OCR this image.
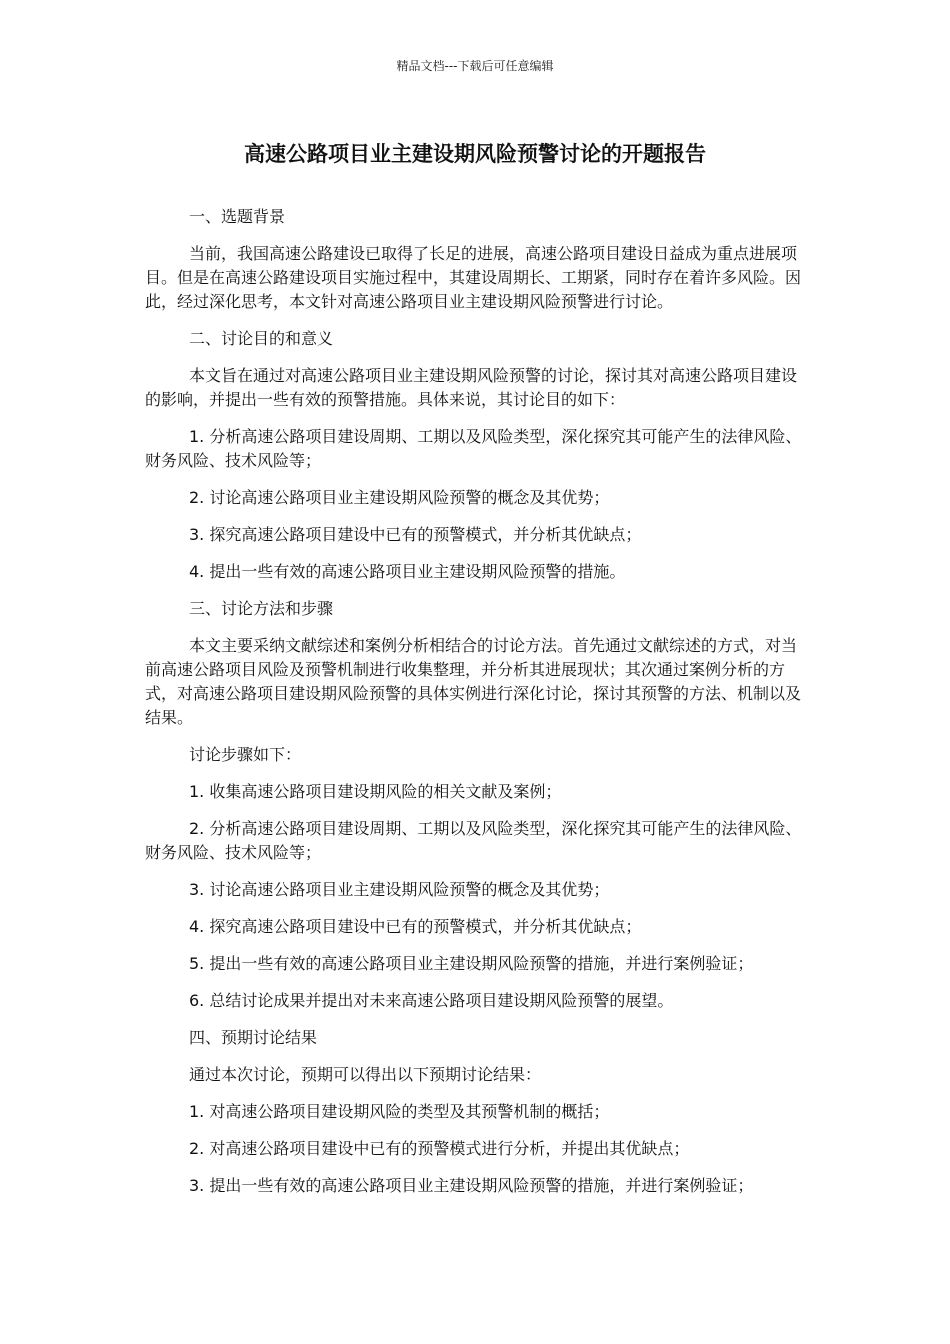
精品文档---下载后可任意编辑
高速公路项目业主建设期风险预警讨论的开题报告

一、选题背景

当前，我国高速公路建设已取得了长足的进展，高速公路项目建设日益成为重点进展项目。但是在高速公路建设项目实施过程中，其建设周期长、工期紧，同时存在着许多风险。因此，经过深化思考，本文针对高速公路项目业主建设期风险预警进行讨论。

二、讨论目的和意义

本文旨在通过对高速公路项目业主建设期风险预警的讨论，探讨其对高速公路项目建设的影响，并提出一些有效的预警措施。具体来说，其讨论目的如下：

1. 分析高速公路项目建设周期、工期以及风险类型，深化探究其可能产生的法律风险、财务风险、技术风险等；

2. 讨论高速公路项目业主建设期风险预警的概念及其优势；

3. 探究高速公路项目建设中已有的预警模式，并分析其优缺点；

4. 提出一些有效的高速公路项目业主建设期风险预警的措施。

三、讨论方法和步骤

本文主要采纳文献综述和案例分析相结合的讨论方法。首先通过文献综述的方式，对当前高速公路项目风险及预警机制进行收集整理，并分析其进展现状；其次通过案例分析的方式，对高速公路项目建设期风险预警的具体实例进行深化讨论，探讨其预警的方法、机制以及结果。

讨论步骤如下：

1. 收集高速公路项目建设期风险的相关文献及案例；

2. 分析高速公路项目建设周期、工期以及风险类型，深化探究其可能产生的法律风险、财务风险、技术风险等；

3. 讨论高速公路项目业主建设期风险预警的概念及其优势；

4. 探究高速公路项目建设中已有的预警模式，并分析其优缺点；

5. 提出一些有效的高速公路项目业主建设期风险预警的措施，并进行案例验证；

6. 总结讨论成果并提出对未来高速公路项目建设期风险预警的展望。

四、预期讨论结果

通过本次讨论，预期可以得出以下预期讨论结果：

1. 对高速公路项目建设期风险的类型及其预警机制的概括；

2. 对高速公路项目建设中已有的预警模式进行分析，并提出其优缺点；

3. 提出一些有效的高速公路项目业主建设期风险预警的措施，并进行案例验证；
